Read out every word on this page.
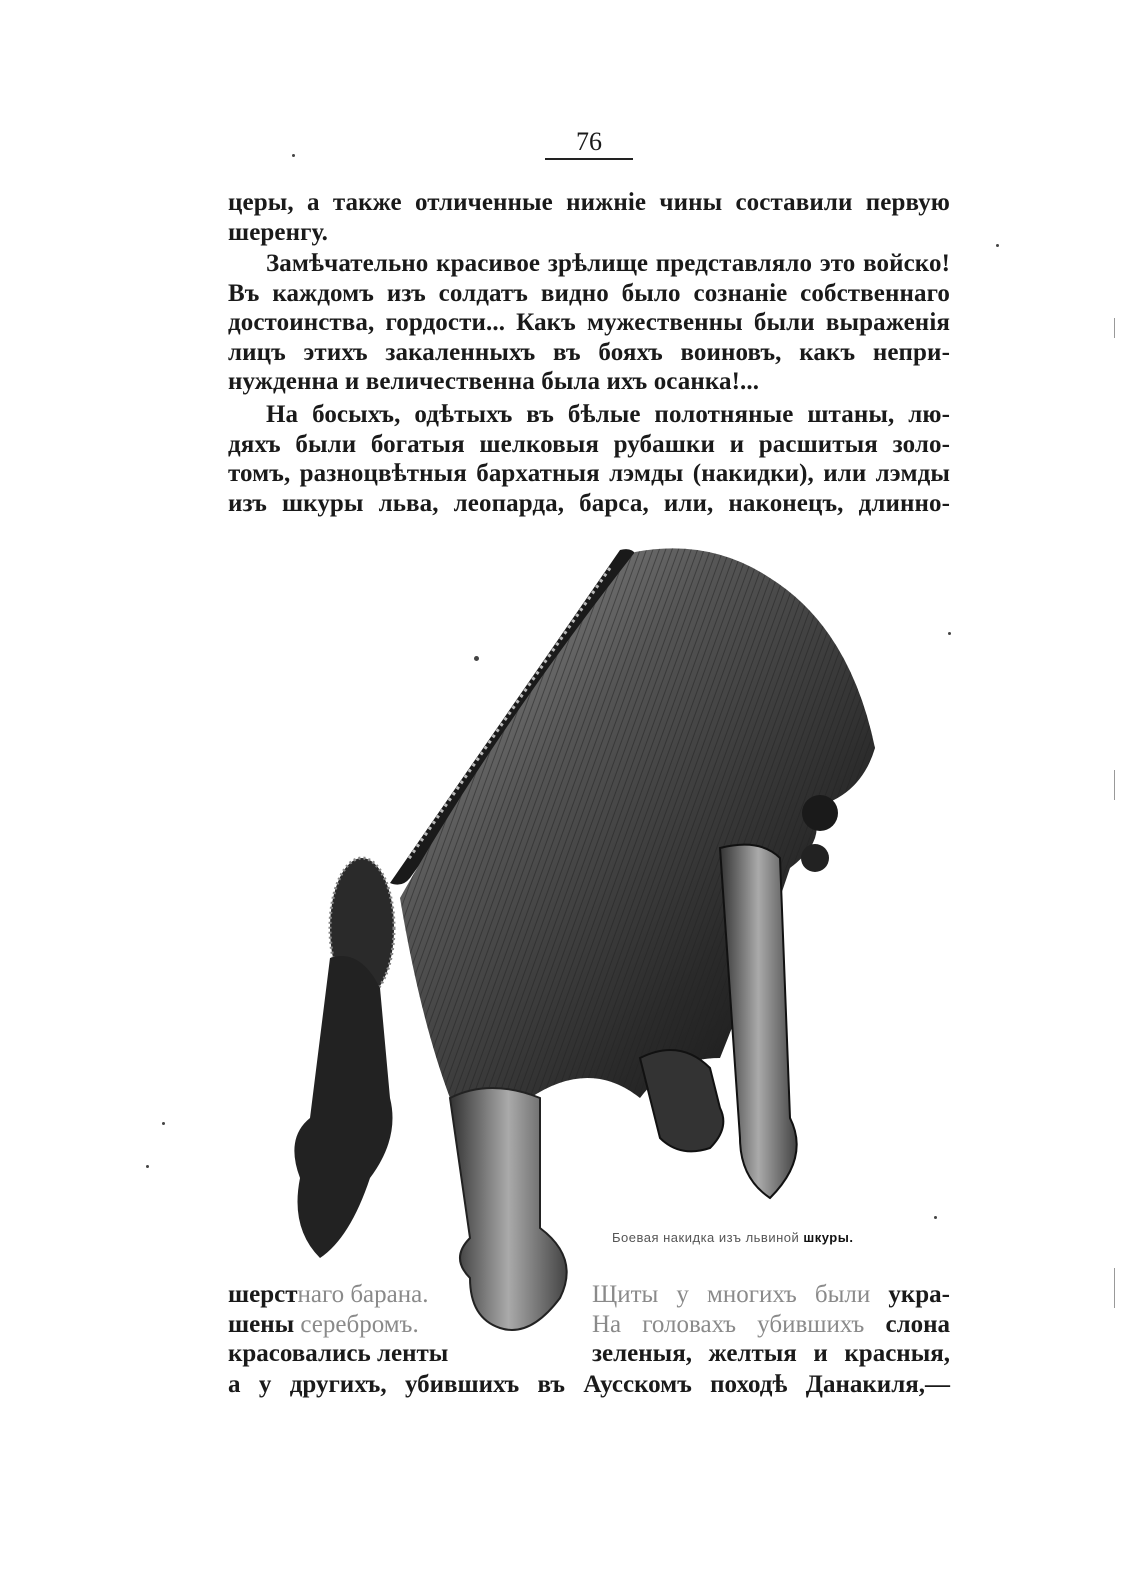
76
церы, а также отличенные нижніе чины составили первую
шеренгу.
Замѣчательно красивое зрѣлище представляло это войско!
Въ каждомъ изъ солдатъ видно было сознаніе собственнаго
достоинства, гордости... Какъ мужественны были выраженія
лицъ этихъ закаленныхъ въ бояхъ воиновъ, какъ непри-
нужденна и величественна была ихъ осанка!...
На босыхъ, одѣтыхъ въ бѣлые полотняные штаны, лю-
дяхъ были богатыя шелковыя рубашки и расшитыя золо-
томъ, разноцвѣтныя бархатныя лэмды (накидки), или лэмды
изъ шкуры льва, леопарда, барса, или, наконецъ, длинно-
Боевая накидка изъ львиной шкуры.
шерстнаго барана.
шены серебромъ.
красовались ленты
Щиты у многихъ были укра-
На головахъ убившихъ слона
зеленыя, желтыя и красныя,
а у другихъ, убившихъ въ Аусскомъ походѣ Данакиля,—
